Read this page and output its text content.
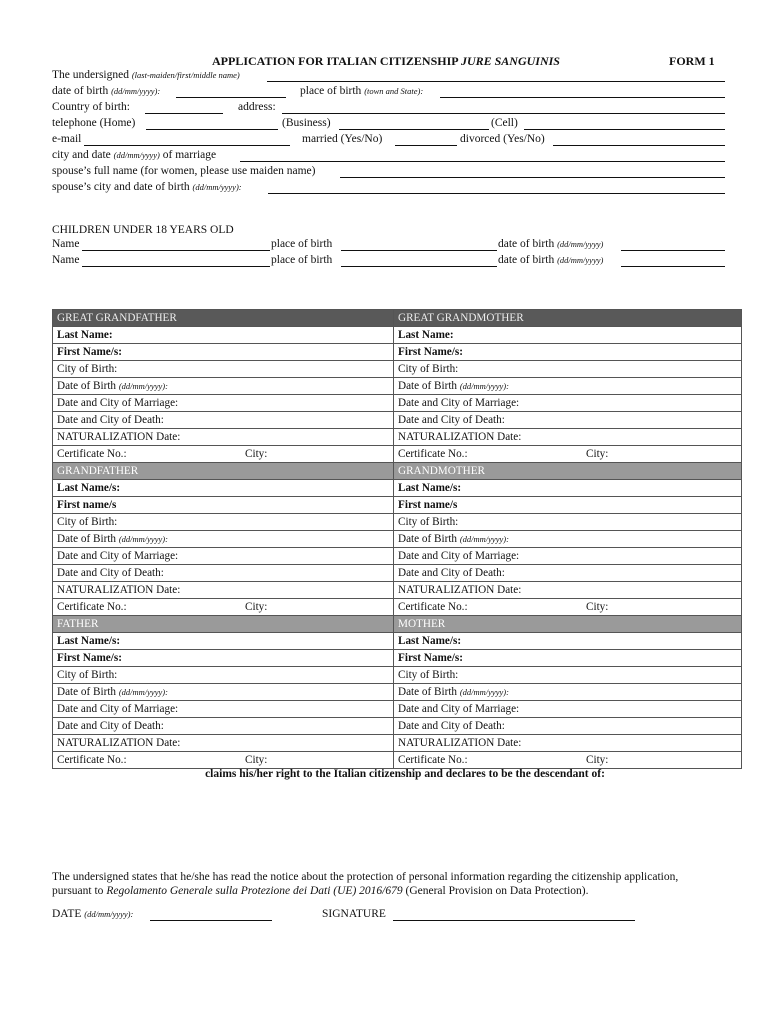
APPLICATION FOR ITALIAN CITIZENSHIP JURE SANGUINIS	FORM 1
The undersigned (last-maiden/first/middle name)
date of birth (dd/mm/yyyy):	place of birth (town and State):
Country of birth:	address:
telephone (Home)	(Business)	(Cell)
e-mail	married (Yes/No)	divorced (Yes/No)
city and date (dd/mm/yyyy) of marriage
spouse’s full name (for women, please use maiden name)
spouse’s city and date of birth (dd/mm/yyyy):
CHILDREN UNDER 18 YEARS OLD
Name	place of birth	date of birth (dd/mm/yyyy)
Name	place of birth	date of birth (dd/mm/yyyy)
GREAT GRANDFATHER	GREAT GRANDMOTHER
Last Name:	Last Name:
First Name/s:	First Name/s:
City of Birth:	City of Birth:
Date of Birth (dd/mm/yyyy):	Date of Birth (dd/mm/yyyy):
Date and City of Marriage:	Date and City of Marriage:
Date and City of Death:	Date and City of Death:
NATURALIZATION Date:	NATURALIZATION Date:

Certificate No.: City:	Certificate No.: City:

GRANDFATHER	GRANDMOTHER
Last Name/s:	Last Name/s:
First name/s	First name/s
City of Birth:	City of Birth:
Date of Birth (dd/mm/yyyy):	Date of Birth (dd/mm/yyyy):
Date and City of Marriage:	Date and City of Marriage:
Date and City of Death:	Date and City of Death:
NATURALIZATION Date:	NATURALIZATION Date:

Certificate No.: City:	Certificate No.: City:

FATHER	MOTHER
Last Name/s:	Last Name/s:
First Name/s:	First Name/s:
City of Birth:	City of Birth:
Date of Birth (dd/mm/yyyy):	Date of Birth (dd/mm/yyyy):
Date and City of Marriage:	Date and City of Marriage:
Date and City of Death:	Date and City of Death:
NATURALIZATION Date:	NATURALIZATION Date:

Certificate No.: City:	Certificate No.: City:
claims his/her right to the Italian citizenship and declares to be the descendant of:
The undersigned states that he/she has read the notice about the protection of personal information regarding the citizenship application,
pursuant to Regolamento Generale sulla Protezione dei Dati (UE) 2016/679 (General Provision on Data Protection).
DATE (dd/mm/yyyy):	SIGNATURE
